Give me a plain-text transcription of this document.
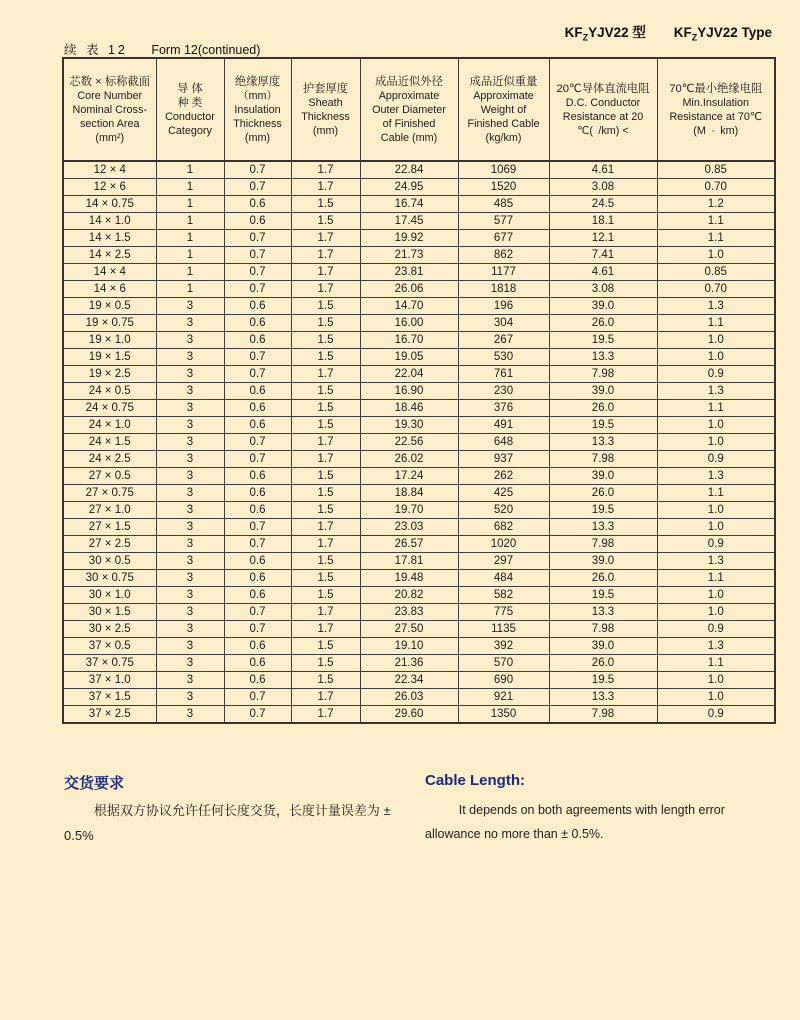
$KF_ZYJV22$ 型 $KF_ZYJV22$ Type
续 表 12 Form 12(continued)
芯数 × 标称截面
Core Number
Nominal Cross-
section Area
(mm²)

导 体
种 类
Conductor
Category

绝缘厚度
（mm）
Insulation
Thickness
(mm)

护套厚度
Sheath
Thickness
(mm)

成品近似外径
Approximate
Outer Diameter
of Finished
Cable (mm)

成品近似重量
Approximate
Weight of
Finished Cable
(kg/km)

20℃导体直流电阻
D.C. Conductor
Resistance at 20
℃( /km) <

70℃最小绝缘电阻
Min.Insulation
Resistance at 70℃
(M · km)

12 × 4	1	0.7	1.7	22.84	1069	4.61	0.85
12 × 6	1	0.7	1.7	24.95	1520	3.08	0.70
14 × 0.75	1	0.6	1.5	16.74	485	24.5	1.2
14 × 1.0	1	0.6	1.5	17.45	577	18.1	1.1
14 × 1.5	1	0.7	1.7	19.92	677	12.1	1.1
14 × 2.5	1	0.7	1.7	21.73	862	7.41	1.0
14 × 4	1	0.7	1.7	23.81	1177	4.61	0.85
14 × 6	1	0.7	1.7	26.06	1818	3.08	0.70
19 × 0.5	3	0.6	1.5	14.70	196	39.0	1.3
19 × 0.75	3	0.6	1.5	16.00	304	26.0	1.1
19 × 1.0	3	0.6	1.5	16.70	267	19.5	1.0
19 × 1.5	3	0.7	1.5	19.05	530	13.3	1.0
19 × 2.5	3	0.7	1.7	22.04	761	7.98	0.9
24 × 0.5	3	0.6	1.5	16.90	230	39.0	1.3
24 × 0.75	3	0.6	1.5	18.46	376	26.0	1.1
24 × 1.0	3	0.6	1.5	19.30	491	19.5	1.0
24 × 1.5	3	0.7	1.7	22.56	648	13.3	1.0
24 × 2.5	3	0.7	1.7	26.02	937	7.98	0.9
27 × 0.5	3	0.6	1.5	17.24	262	39.0	1.3
27 × 0.75	3	0.6	1.5	18.84	425	26.0	1.1
27 × 1.0	3	0.6	1.5	19.70	520	19.5	1.0
27 × 1.5	3	0.7	1.7	23.03	682	13.3	1.0
27 × 2.5	3	0.7	1.7	26.57	1020	7.98	0.9
30 × 0.5	3	0.6	1.5	17.81	297	39.0	1.3
30 × 0.75	3	0.6	1.5	19.48	484	26.0	1.1
30 × 1.0	3	0.6	1.5	20.82	582	19.5	1.0
30 × 1.5	3	0.7	1.7	23.83	775	13.3	1.0
30 × 2.5	3	0.7	1.7	27.50	1135	7.98	0.9
37 × 0.5	3	0.6	1.5	19.10	392	39.0	1.3
37 × 0.75	3	0.6	1.5	21.36	570	26.0	1.1
37 × 1.0	3	0.6	1.5	22.34	690	19.5	1.0
37 × 1.5	3	0.7	1.7	26.03	921	13.3	1.0
37 × 2.5	3	0.7	1.7	29.60	1350	7.98	0.9
交货要求
根据双方协议允许任何长度交货，长度计量误差为 ± 0.5%
Cable Length:
It depends on both agreements with length error allowance no more than ± 0.5%.
